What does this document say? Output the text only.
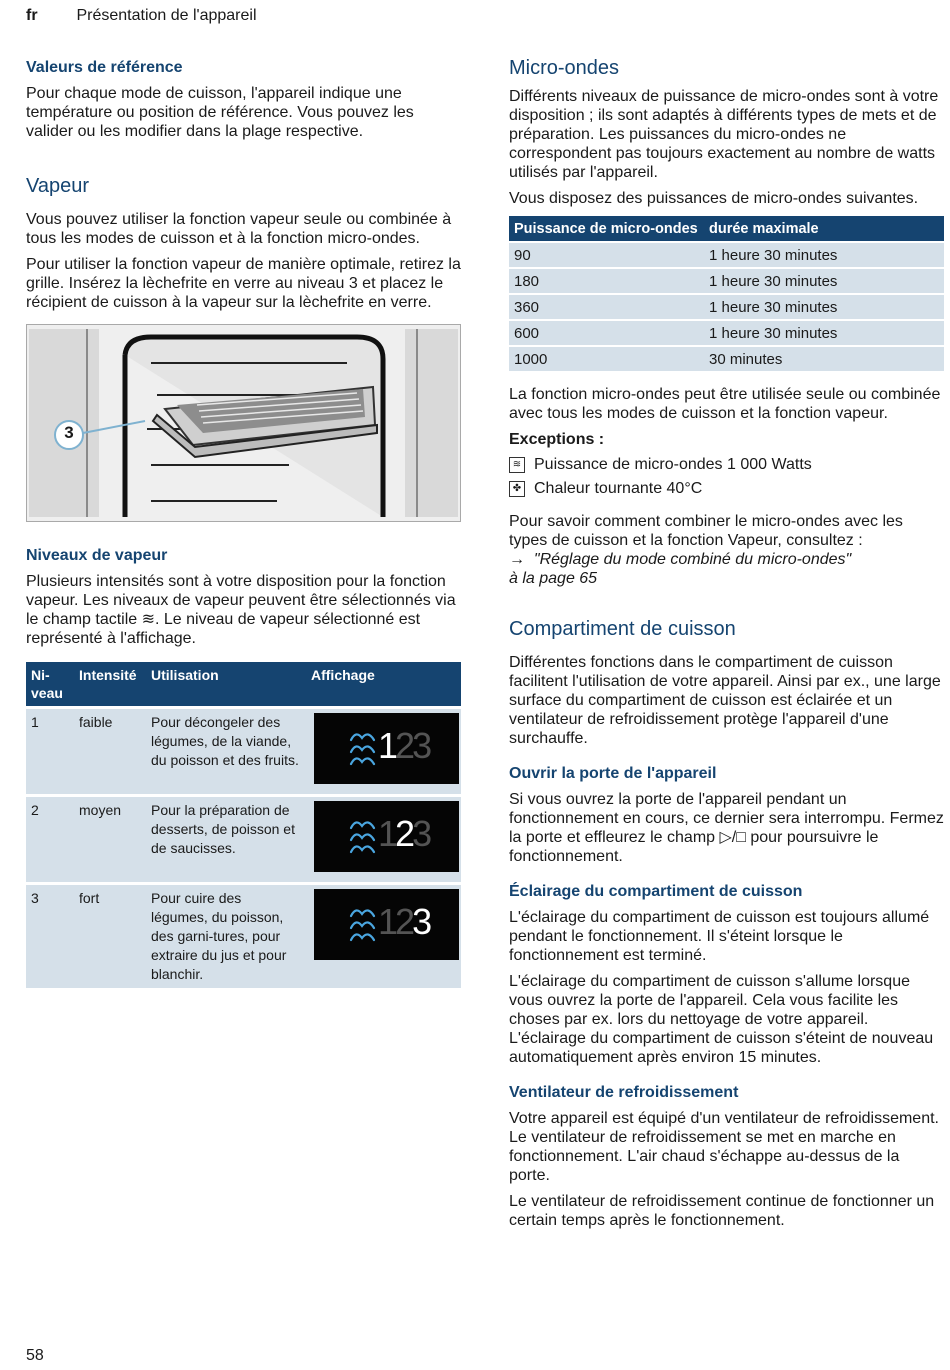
fr Présentation de l'appareil
Valeurs de référence

Pour chaque mode de cuisson, l'appareil indique une température ou position de référence. Vous pouvez les valider ou les modifier dans la plage respective.

Vapeur

Vous pouvez utiliser la fonction vapeur seule ou combinée à tous les modes de cuisson et à la fonction micro-ondes.

Pour utiliser la fonction vapeur de manière optimale, retirez la grille. Insérez la lèchefrite en verre au niveau 3 et placez le récipient de cuisson à la vapeur sur la lèchefrite en verre.

3
Niveaux de vapeur

Plusieurs intensités sont à votre disposition pour la fonction vapeur. Les niveaux de vapeur peuvent être sélectionnés via le champ tactile ≋. Le niveau de vapeur sélectionné est représenté à l'affichage.

Ni-
veau	Intensité	Utilisation	Affichage
1	faible	Pour décongeler des légumes, de la viande, du poisson et des fruits.	123

2	moyen	Pour la préparation de desserts, de poisson et de saucisses.	123

3	fort	Pour cuire des légumes, du poisson, des garni-tures, pour extraire du jus et pour blanchir.	123
Micro-ondes

Différents niveaux de puissance de micro-ondes sont à votre disposition ; ils sont adaptés à différents types de mets et de préparation. Les puissances du micro-ondes ne correspondent pas toujours exactement au nombre de watts utilisés par l'appareil.

Vous disposez des puissances de micro-ondes suivantes.

Puissance de micro-ondes	durée maximale
90	1 heure 30 minutes
180	1 heure 30 minutes
360	1 heure 30 minutes
600	1 heure 30 minutes
1000	30 minutes

La fonction micro-ondes peut être utilisée seule ou combinée avec tous les modes de cuisson et la fonction vapeur.

Exceptions :

≋ Puissance de micro-ondes 1 000 Watts
✤ Chaleur tournante 40°C

Pour savoir comment combiner le micro-ondes avec les types de cuisson et la fonction Vapeur, consultez :

→ "Réglage du mode combiné du micro-ondes"

à la page 65

Compartiment de cuisson

Différentes fonctions dans le compartiment de cuisson facilitent l'utilisation de votre appareil. Ainsi par ex., une large surface du compartiment de cuisson est éclairée et un ventilateur de refroidissement protège l'appareil d'une surchauffe.

Ouvrir la porte de l'appareil

Si vous ouvrez la porte de l'appareil pendant un fonctionnement en cours, ce dernier sera interrompu. Fermez la porte et effleurez le champ ▷/□ pour poursuivre le fonctionnement.

Éclairage du compartiment de cuisson

L'éclairage du compartiment de cuisson est toujours allumé pendant le fonctionnement. Il s'éteint lorsque le fonctionnement est terminé.

L'éclairage du compartiment de cuisson s'allume lorsque vous ouvrez la porte de l'appareil. Cela vous facilite les choses par ex. lors du nettoyage de votre appareil. L'éclairage du compartiment de cuisson s'éteint de nouveau automatiquement après environ 15 minutes.

Ventilateur de refroidissement

Votre appareil est équipé d'un ventilateur de refroidissement. Le ventilateur de refroidissement se met en marche en fonctionnement. L'air chaud s'échappe au-dessus de la porte.

Le ventilateur de refroidissement continue de fonctionner un certain temps après le fonctionnement.

58
